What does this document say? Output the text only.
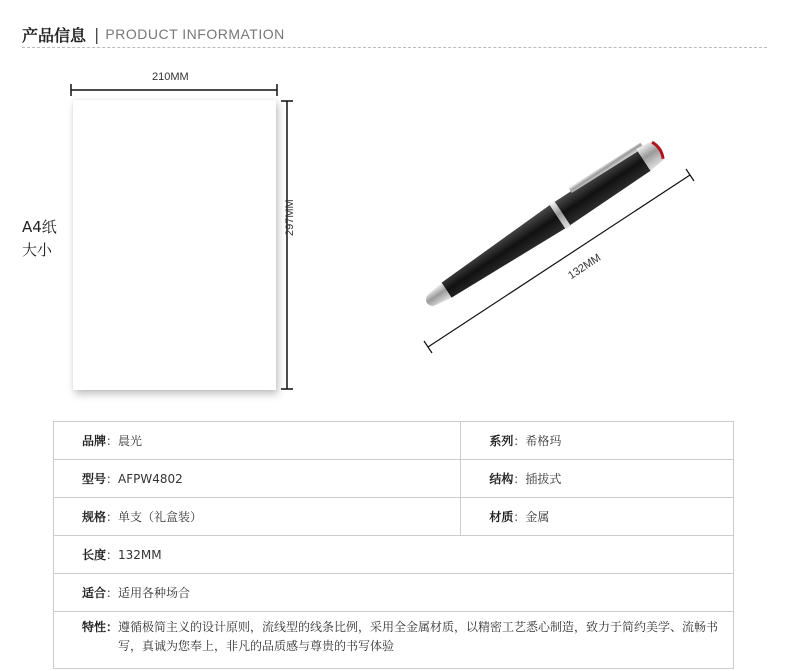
产品信息 | PRODUCT INFORMATION
210MM
297MM
A4纸
大小
132MM
品牌：晨光	系列：希格玛
型号：AFPW4802	结构：插拔式
规格：单支（礼盒装）	材质：金属
长度：132MM	
适合：适用各种场合	

特性 ： 遵循极简主义的设计原则，流线型的线条比例，采用全金属材质，以精密工艺悉心制造，致力于简约美学、流畅书写，真诚为您奉上，非凡的品质感与尊贵的书写体验	
